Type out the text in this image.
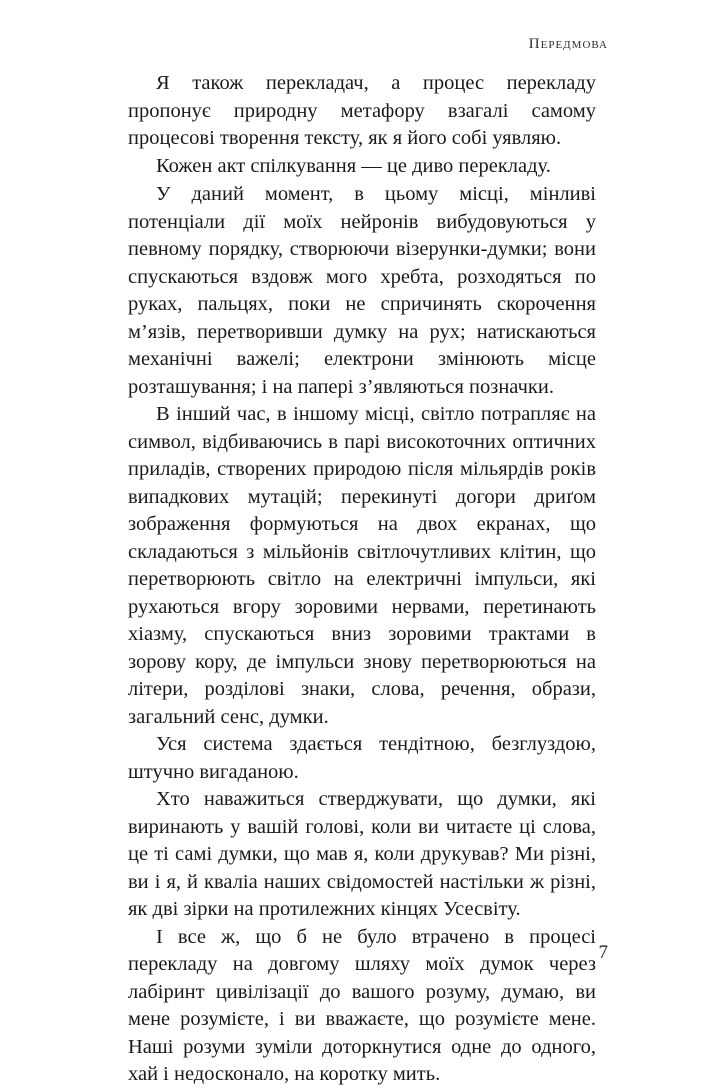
Передмова

Я також перекладач, а процес перекладу пропонує природну метафору взагалі самому процесові творення тексту, як я його собі уявляю.

Кожен акт спілкування — це диво перекладу.

У даний момент, в цьому місці, мінливі потенціали дії моїх нейронів вибудовуються у певному порядку, створюючи візерунки-думки; вони спускаються вздовж мого хребта, розходяться по руках, пальцях, поки не спричинять скорочення м’язів, перетворивши думку на рух; натискаються механічні важелі; електрони змінюють місце розташування; і на папері з’являються позначки.

В інший час, в іншому місці, світло потрапляє на символ, відбиваючись в парі високоточних оптичних приладів, створених природою після мільярдів років випадкових мутацій; перекинуті догори дриґом зображення формуються на двох екранах, що складаються з мільйонів світлочутливих клітин, що перетворюють світло на електричні імпульси, які рухаються вгору зоровими нервами, перетинають хіазму, спускаються вниз зоровими трактами в зорову кору, де імпульси знову перетворюються на літери, розділові знаки, слова, речення, образи, загальний сенс, думки.

Уся система здається тендітною, безглуздою, штучно вигаданою.

Хто наважиться стверджувати, що думки, які виринають у вашій голові, коли ви читаєте ці слова, це ті самі думки, що мав я, коли друкував? Ми різні, ви і я, й кваліа наших свідомостей настільки ж різні, як дві зірки на протилежних кінцях Усесвіту.

І все ж, що б не було втрачено в процесі перекладу на довгому шляху моїх думок через лабіринт цивілізації до вашого розуму, думаю, ви мене розумієте, і ви вважаєте, що розумієте мене. Наші розуми зуміли доторкнутися одне до одного, хай і недосконало, на коротку мить.

7
